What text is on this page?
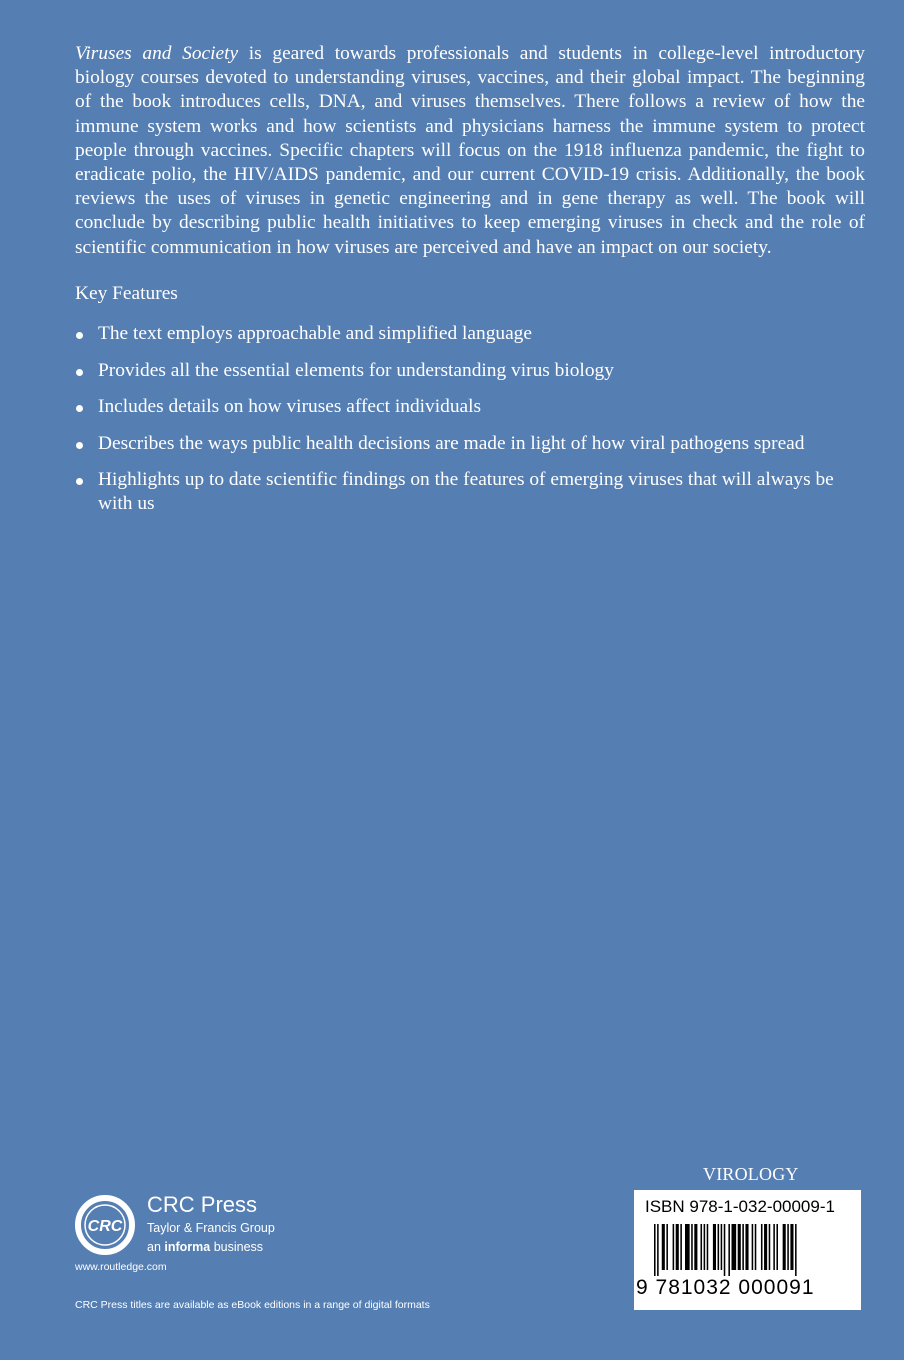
Viruses and Society is geared towards professionals and students in college-level introductory biology courses devoted to understanding viruses, vaccines, and their global impact. The beginning of the book introduces cells, DNA, and viruses themselves. There follows a review of how the immune system works and how scientists and physicians harness the immune system to protect people through vaccines. Specific chapters will focus on the 1918 influenza pandemic, the fight to eradicate polio, the HIV/AIDS pandemic, and our current COVID-19 crisis. Additionally, the book reviews the uses of viruses in genetic engineering and in gene therapy as well. The book will conclude by describing public health initiatives to keep emerging viruses in check and the role of scientific communication in how viruses are perceived and have an impact on our society.

Key Features
The text employs approachable and simplified language
Provides all the essential elements for understanding virus biology
Includes details on how viruses affect individuals
Describes the ways public health decisions are made in light of how viral pathogens spread
Highlights up to date scientific findings on the features of emerging viruses that will always be with us
CRC
CRC Press
Taylor & Francis Group
an informa business
www.routledge.com
CRC Press titles are available as eBook editions in a range of digital formats
VIROLOGY
ISBN 978-1-032-00009-1
9 781032 000091
